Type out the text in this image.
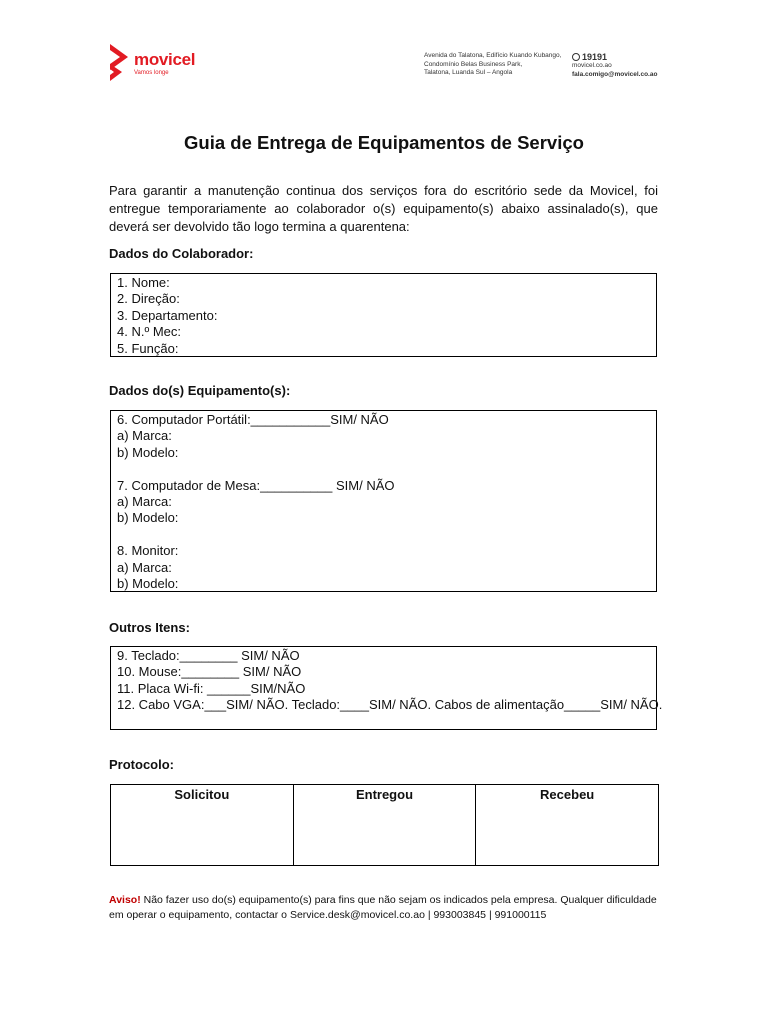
movicel
Vamos longe
Avenida do Talatona, Edifício Kuando Kubango,
Condomínio Belas Business Park,
Talatona, Luanda Sul – Angola
19191
movicel.co.ao
fala.comigo@movicel.co.ao
Guia de Entrega de Equipamentos de Serviço
Para garantir a manutenção continua dos serviços fora do escritório sede da Movicel, foi entregue temporariamente ao colaborador o(s) equipamento(s) abaixo assinalado(s), que deverá ser devolvido tão logo termina a quarentena:
Dados do Colaborador:
1. Nome:
2. Direção:
3. Departamento:
4. N.º Mec:
5. Função:
Dados do(s) Equipamento(s):
6. Computador Portátil:___________SIM/ NÃO
a) Marca:
b) Modelo:
7. Computador de Mesa:__________ SIM/ NÃO
a) Marca:
b) Modelo:
8. Monitor:
a) Marca:
b) Modelo:
Outros Itens:
9. Teclado:________ SIM/ NÃO
10. Mouse:________ SIM/ NÃO
11. Placa Wi-fi: ______SIM/NÃO
12. Cabo VGA:___SIM/ NÃO. Teclado:____SIM/ NÃO. Cabos de alimentação_____SIM/ NÃO.
Protocolo:
Solicitou	Entregou	Recebeu
Aviso! Não fazer uso do(s) equipamento(s) para fins que não sejam os indicados pela empresa. Qualquer dificuldade em operar o equipamento, contactar o Service.desk@movicel.co.ao | 993003845 | 991000115
